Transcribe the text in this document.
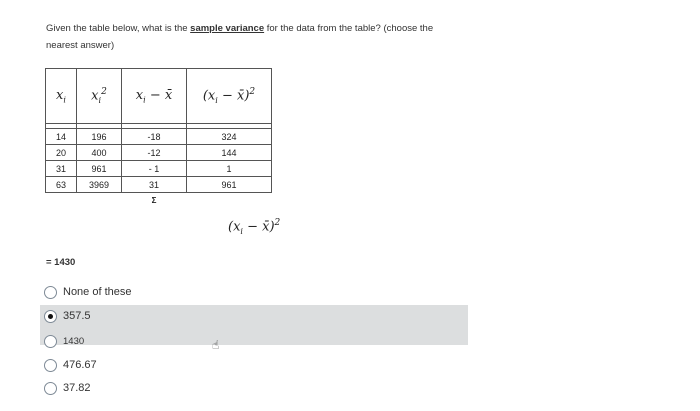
Given the table below, what is the sample variance for the data from the table? (choose the nearest answer)
$x_i$	$x_i^2$	$x_i$ − x̄	($x_i$ − x̄)$^2$

14	196	-18	324
20	400	-12	144
31	961	- 1	1
63	3969	31	961
		Σ	
($x_i$ − x̄)$^2$
= 1430
None of these
357.5
1430
476.67
37.82
☝
